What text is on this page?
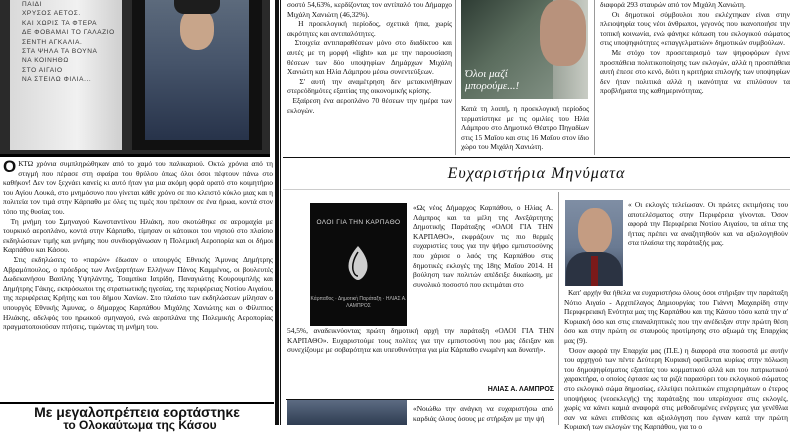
ΠΑΙΔΙ
ΧΡΥΣΟΣ ΑΕΤΟΣ.
ΚΑΙ ΧΩΡΙΣ ΤΑ ΦΤΕΡΑ
ΔΕ ΦΟΒΑΜΑΙ ΤΟ ΓΑΛΑΖΙΟ
ΣΕΝΤΗ ΑΓΚΑΛΙΑ.
ΣΤΑ ΨΗΛΑ ΤΑ ΒΟΥΝΑ
ΝΑ ΚΟΙΝΗΘΩ
ΣΤΟ ΑΙΓΑΙΟ
ΝΑ ΣΤΕΙΛΩ ΦΙΛΙΑ...

ΟΚΤΩ χρόνια συμπληρώθηκαν από το χαμό του παλικαριού. Οκτώ χρόνια από τη στιγμή που πέρασε στη σφαίρα του θρύλου όπως όλοι όσοι πέφτουν πάνω στο καθήκον! Δεν τον ξεχνάει κανείς κι αυτό ήταν για μια ακόμη φορά ορατό στο κοιμητήριο του Αγίου Λουκά, στο μνημόσυνο που γίνεται κάθε χρόνο σε πιο κλειστό κύκλο μιας και η πολιτεία τον τιμά στην Κάρπαθο με όλες τις τιμές που πρέπουν σε ένα ήρωα, κοντά στον τόπο της θυσίας του.

Τη μνήμη του Σμηναγού Κωνσταντίνου Ηλιάκη, που σκοτώθηκε σε αερομαχία με τουρκικό αεροπλάνο, κοντά στην Κάρπαθο, τίμησαν οι κάτοικοι του νησιού στο πλαίσιο εκδηλώσεων τιμής και μνήμης που συνδιοργάνωσαν η Πολεμική Αεροπορία και οι δήμοι Καρπάθου και Κάσου.

Στις εκδηλώσεις το «παρών» έδωσαν ο υπουργός Εθνικής Άμυνας Δημήτρης Αβραμόπουλος, ο πρόεδρος των Ανεξαρτήτων Ελλήνων Πάνος Καμμένος, οι βουλευτές Δωδεκανήσου Βασίλης Υψηλάντης, Τσαμπίκα Ιατρίδη, Παναγιώτης Κουρουμπλής και Δημήτρης Γάκης, εκπρόσωποι της στρατιωτικής ηγεσίας, της περιφέρειας Νοτίου Αιγαίου, της περιφέρειας Κρήτης και του δήμου Χανίων. Στο πλαίσιο των εκδηλώσεων μίλησαν ο υπουργός Εθνικής Άμυνας, ο δήμαρχος Καρπάθου Μιχάλης Χανιώτης και ο Φίλιππος Ηλιάκης, αδελφός του ηρωικού σμηναγού, ενώ αεροπλάνα της Πολεμικής Αεροπορίας πραγματοποιούσαν πτήσεις, τιμώντας τη μνήμη του.

Με μεγαλοπρέπεια εορτάστηκε
το Ολοκαύτωμα της Κάσου

σοστό 54,63%, κερδίζοντας τον αντίπαλό του Δήμαρχο Μιχάλη Χανιώτη (46,32%).

Η προεκλογική περίοδος, σχετικά ήπια, χωρίς ακρότητες και αντιπαλότητες.

Στοιχεία αντιπαραθέσεων μόνο στο διαδίκτυο και αυτές με τη μορφή «light» και με την παρουσίαση θέσεων των δύο υποψηφίων Δημάρχων Μιχάλη Χανιώτη και Ηλία Λάμπρου μέσω συνεντεύξεων.

Σ' αυτή την αναμέτρηση δεν μετακινήθηκαν στερεόδημότες εξαιτίας της οικονομικής κρίσης.

Εξαίρεση ένα αεροπλάνο 70 θέσεων την ημέρα των εκλογών.

Όλοι μαζί μπορούμε...!
Κατά τη λοιπή, η προεκλογική περίοδος τερματίστηκε με τις ομιλίες του Ηλία Λάμπρου στο Δημοτικό Θέατρο Πηγαδίων στις 15 Μαΐου και στις 16 Μαΐου στον ίδιο χώρο του Μιχάλη Χανιώτη.

διαφορά 293 σταυρών από τον Μιχάλη Χανιώτη.

Οι δημοτικοί σύμβουλοι που εκλέχτηκαν είναι στην πλειοψηφία τους νέοι άνθρωποι, γεγονός που ικανοποιήσε την τοπική κοινωνία, ενώ φάνηκε κόπωση του εκλογικού σώματος στις υποψηφιότητες «επαγγελματιών» δημοτικών συμβούλων.

Με στόχο τον προσεταιρισμό των ψηφοφόρων έγινε προσπάθεια πολιτικοποίησης των εκλογών, αλλά η προσπάθεια αυτή έπεσε στο κενό, διότι η κριτήρια επιλογής των υποψηφίων δεν ήταν πολιτικά αλλά η ικανότητα να επιλύσουν τα προβλήματα της καθημερινότητας.

Ευχαριστήρια Μηνύματα
ΟΛΟΙ ΓΙΑ ΤΗΝ ΚΑΡΠΑΘΟ
Κάρπαθος · Δημοτική Παράταξη · ΗΛΙΑΣ Α. ΛΑΜΠΡΟΣ
«Ως νέος Δήμαρχος Καρπάθου, ο Ηλίας Α. Λάμπρος και τα μέλη της Ανεξάρτητης Δημοτικής Παράταξης «ΟΛΟΙ ΓΙΑ ΤΗΝ ΚΑΡΠΑΘΟ», εκφράζουν τις πιο θερμές ευχαριστίες τους για την ψήφο εμπιστοσύνης που χάρισε ο λαός της Καρπάθου στις δημοτικές εκλογές της 18ης Μαΐου 2014. Η βούληση των πολιτών απέδειξε δικαίωση, με συνολικό ποσοστό που εκτιμάται στο
54,5%, αναδεικνύοντας πρώτη δημοτική αρχή την παράταξη «ΟΛΟΙ ΓΙΑ ΤΗΝ ΚΑΡΠΑΘΟ». Ευχαριστούμε τους πολίτες για την εμπιστοσύνη που μας έδειξαν και συνεχίζουμε με σοβαρότητα και υπευθυνότητα για μία Κάρπαθο ενωμένη και δυνατή».
ΗΛΙΑΣ Α. ΛΑΜΠΡΟΣ
«Νοιώθω την ανάγκη να ευχαριστήσω από καρδιάς όλους όσους με στήριξαν με την ψή
« Οι εκλογές τελείωσαν. Οι πρώτες εκτιμήσεις του αποτελέσματος στην Περιφέρεια γίνονται. Όσον αφορά την Περιφέρεια Νοτίου Αιγαίου, τα αίτια της ήττας πρέπει να αναζητηθούν και να αξιολογηθούν στα πλαίσια της παράταξής μας.

Κατ' αρχήν θα ήθελα να ευχαριστήσω όλους όσοι στήριξαν την παράταξη Νότιο Αιγαίο - Αρχιπέλαγος Δημιουργίας του Γιάννη Μαχαιρίδη στην Περιφερειακή Ενότητα μας της Καρπάθου και της Κάσου τόσο κατά την α' Κυριακή όσο και στις επαναληπτικές που την ανέδειξαν στην πρώτη θέση όσο και στην πρώτη σε σταυρούς προτίμησης στο αξιωμά της Επαρχίας μας (9).

Όσον αφορά την Επαρχία μας (Π.Ε.) η διαφορά στα ποσοστά με αυτήν του αρχηγού των πέντε Δεύτερη Κυριακή οφείλεται κυρίως στην πόλωση του δημοψηφίσματος εξαιτίας του κομματικού αλλά και του πατριωτικού χαρακτήρα, ο οποίος έφτασε ως τα ριζά παρασύρει του εκλογικού σώματος στο εκλογικό σώμα δημοσίως, ελλείψει πολιτικών επιχειρημάτων ο έτερος υποψήφιος (νεοεκλεγής) της παράταξης που υπερίσχυσε στις εκλογές, χωρίς να κάνει καμιά αναφορά στις μεθοδευμένες ενέργειες για γενέθλια σαν να κάνει επιθέσεις και αξιολόγηση που έγιναν κατά την πρώτη Κυριακή των εκλογών της Καρπάθου, για το ο
